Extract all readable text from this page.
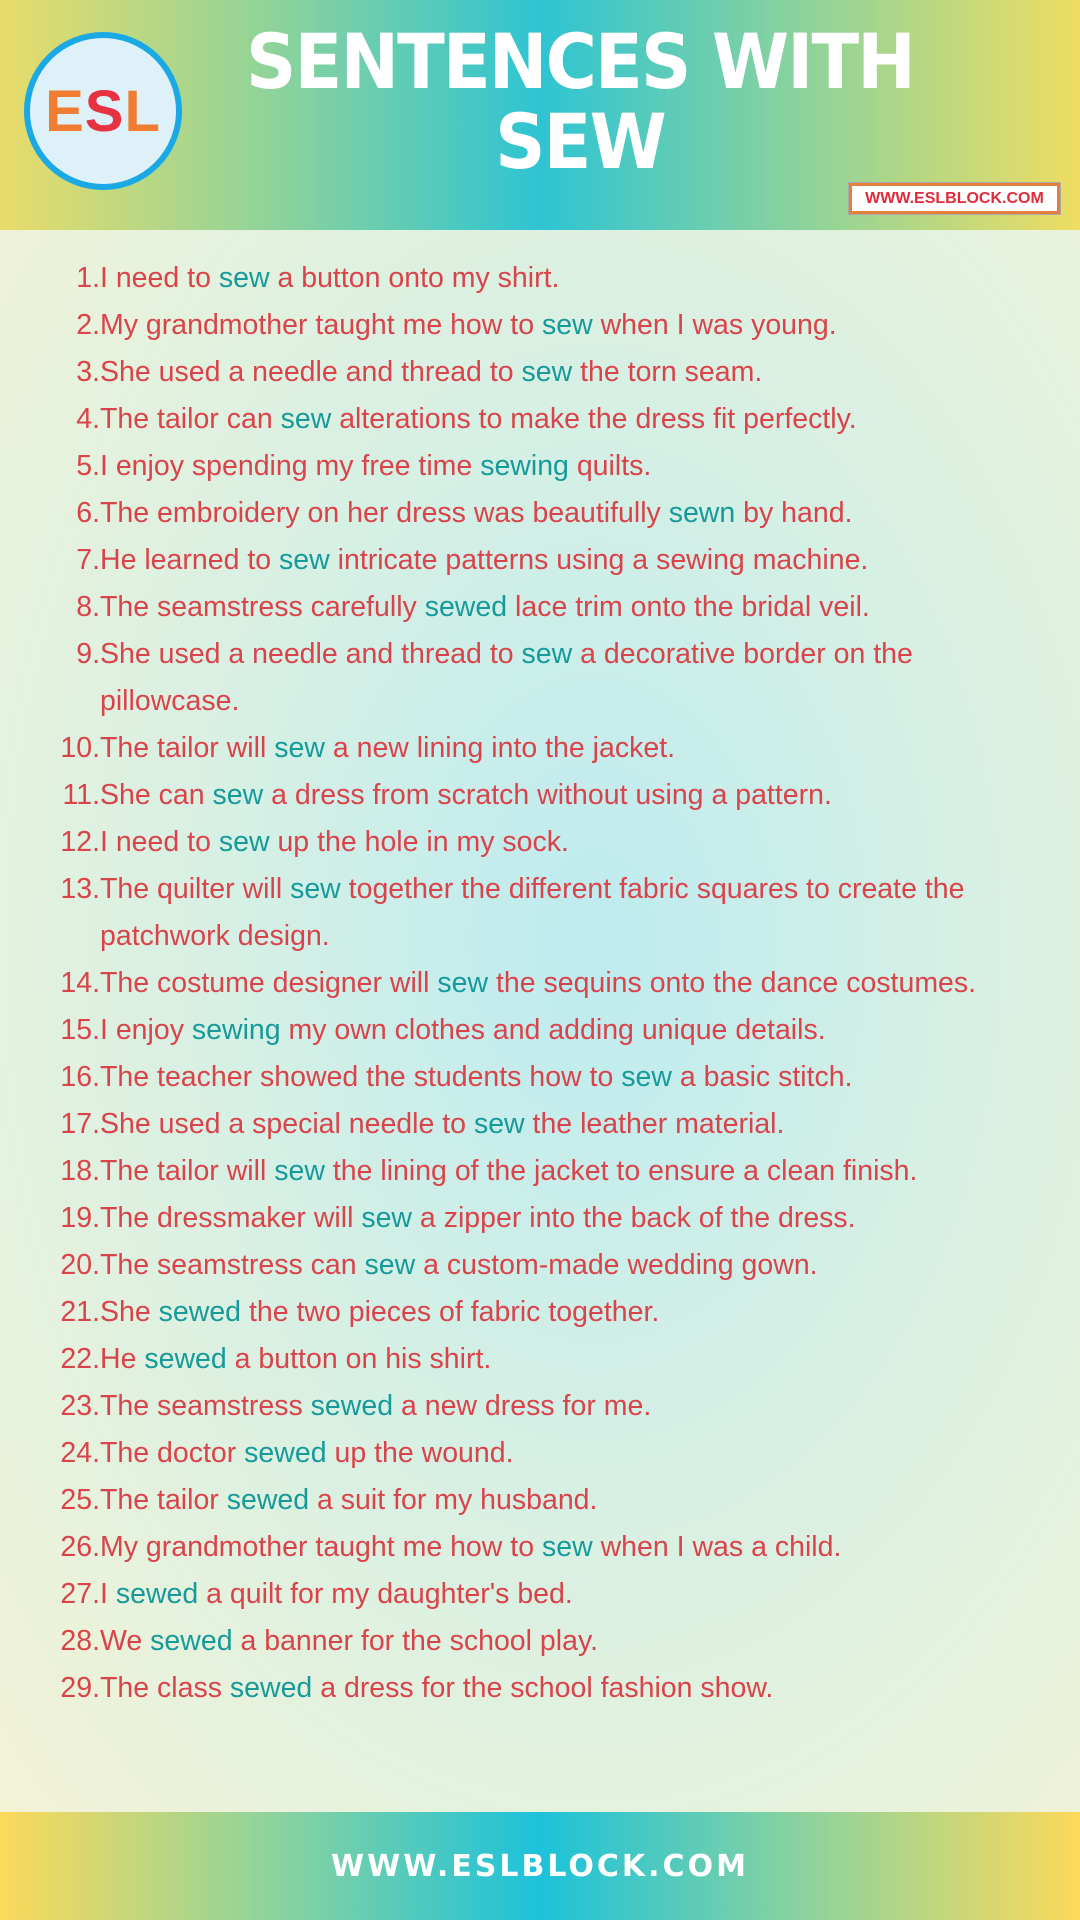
E S L
SENTENCES WITH
SEW
WWW.ESLBLOCK.COM
1. I need to sew a button onto my shirt.
2. My grandmother taught me how to sew when I was young.
3. She used a needle and thread to sew the torn seam.
4. The tailor can sew alterations to make the dress fit perfectly.
5. I enjoy spending my free time sewing quilts.
6. The embroidery on her dress was beautifully sewn by hand.
7. He learned to sew intricate patterns using a sewing machine.
8. The seamstress carefully sewed lace trim onto the bridal veil.
9. She used a needle and thread to sew a decorative border on the pillowcase.
10. The tailor will sew a new lining into the jacket.
11. She can sew a dress from scratch without using a pattern.
12. I need to sew up the hole in my sock.
13. The quilter will sew together the different fabric squares to create the patchwork design.
14. The costume designer will sew the sequins onto the dance costumes.
15. I enjoy sewing my own clothes and adding unique details.
16. The teacher showed the students how to sew a basic stitch.
17. She used a special needle to sew the leather material.
18. The tailor will sew the lining of the jacket to ensure a clean finish.
19. The dressmaker will sew a zipper into the back of the dress.
20. The seamstress can sew a custom-made wedding gown.
21. She sewed the two pieces of fabric together.
22. He sewed a button on his shirt.
23. The seamstress sewed a new dress for me.
24. The doctor sewed up the wound.
25. The tailor sewed a suit for my husband.
26. My grandmother taught me how to sew when I was a child.
27. I sewed a quilt for my daughter's bed.
28. We sewed a banner for the school play.
29. The class sewed a dress for the school fashion show.
WWW.ESLBLOCK.COM
